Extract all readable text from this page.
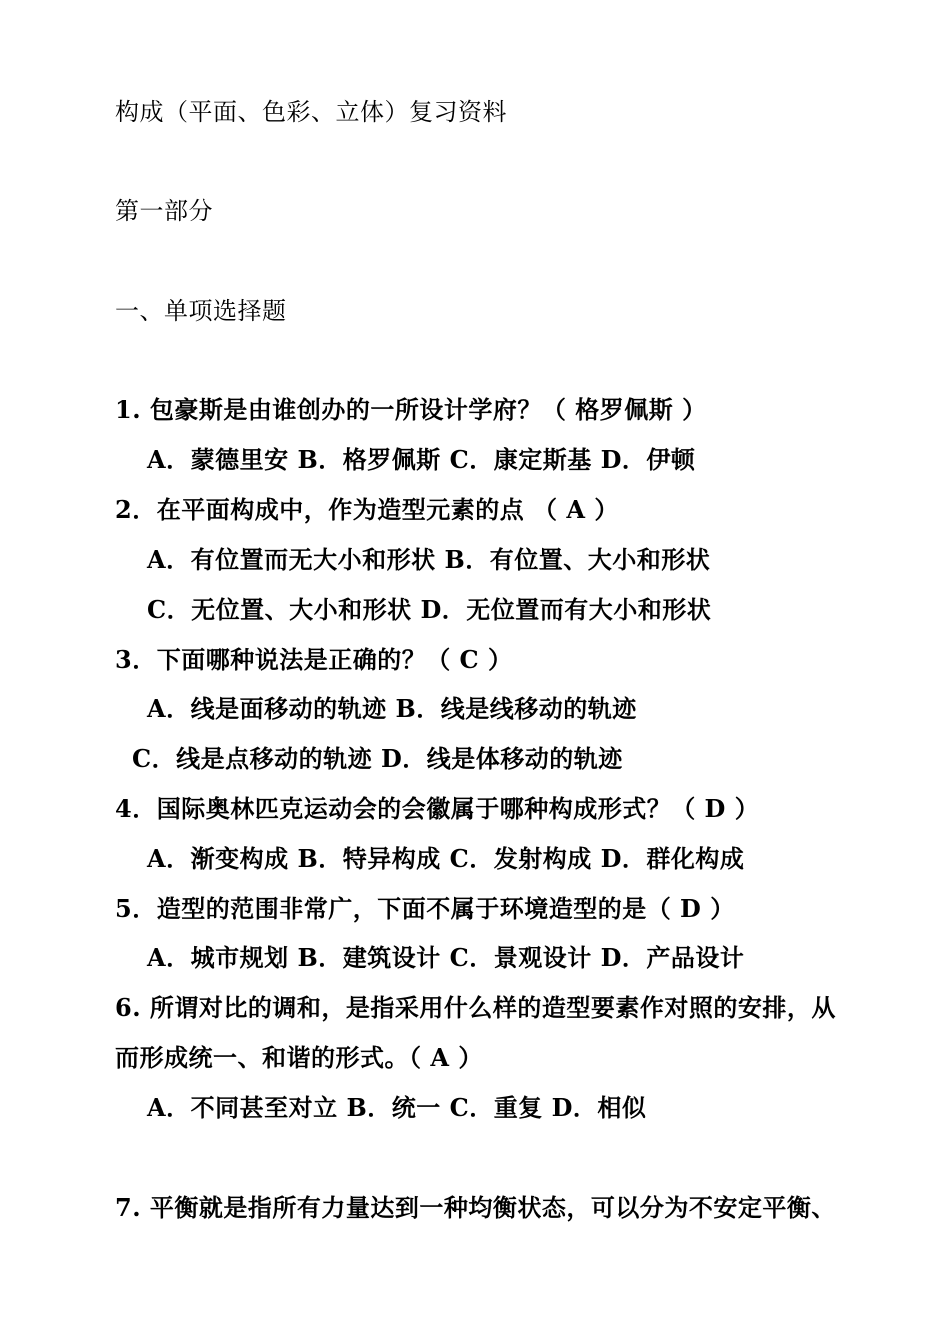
构成（平面、色彩、立体）复习资料
第一部分
一、单项选择题
1. 包豪斯是由谁创办的一所设计学府？（ 格罗佩斯 ）
A．蒙德里安 B．格罗佩斯 C．康定斯基 D．伊顿
2．在平面构成中，作为造型元素的点 （ A ）
A．有位置而无大小和形状 B．有位置、大小和形状
C．无位置、大小和形状 D．无位置而有大小和形状
3．下面哪种说法是正确的？（ C ）
A．线是面移动的轨迹 B．线是线移动的轨迹
C．线是点移动的轨迹 D．线是体移动的轨迹
4．国际奥林匹克运动会的会徽属于哪种构成形式？（ D ）
A．渐变构成 B．特异构成 C．发射构成 D．群化构成
5．造型的范围非常广，下面不属于环境造型的是（ D ）
A．城市规划 B．建筑设计 C．景观设计 D．产品设计
6. 所谓对比的调和，是指采用什么样的造型要素作对照的安排，从
而形成统一、和谐的形式。（ A ）
A．不同甚至对立 B．统一 C．重复 D．相似
7. 平衡就是指所有力量达到一种均衡状态，可以分为不安定平衡、
